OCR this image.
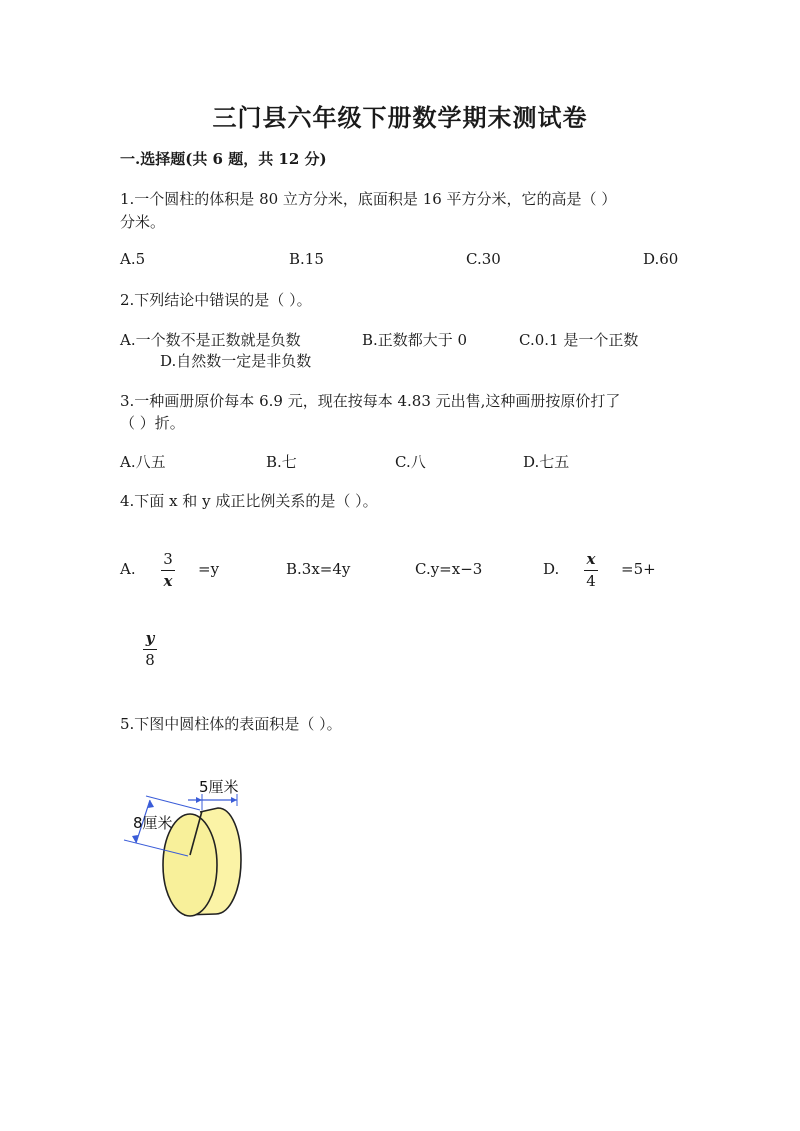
三门县六年级下册数学期末测试卷
一.选择题(共 6 题，共 12 分)
1.一个圆柱的体积是 80 立方分米，底面积是 16 平方分米，它的高是（ ）
分米。
A.5	B.15	C.30	D.60
2.下列结论中错误的是（ ）。
A.一个数不是正数就是负数	B.正数都大于 0	C.0.1 是一个正数
D.自然数一定是非负数
3.一种画册原价每本 6.9 元，现在按每本 4.83 元出售,这种画册按原价打了
（ ）折。
A.八五	B.七	C.八	D.七五
4.下面 x 和 y 成正比例关系的是（ ）。
A.
3
x
=y	B.3x=4y	C.y=x−3	D.
x
4
=5+
y
8
5.下图中圆柱体的表面积是（ ）。
5厘米
8厘米
